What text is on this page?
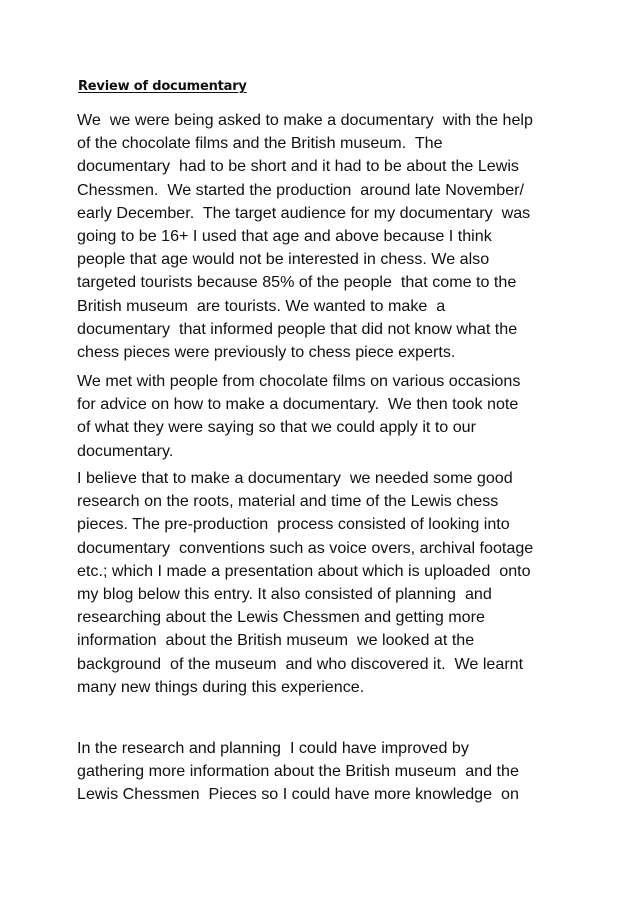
Review of documentary
We  we were being asked to make a documentary  with the help
of the chocolate films and the British museum.  The
documentary  had to be short and it had to be about the Lewis
Chessmen.  We started the production  around late November/
early December.  The target audience for my documentary  was
going to be 16+ I used that age and above because I think
people that age would not be interested in chess. We also
targeted tourists because 85% of the people  that come to the
British museum  are tourists. We wanted to make  a
documentary  that informed people that did not know what the
chess pieces were previously to chess piece experts.
We met with people from chocolate films on various occasions
for advice on how to make a documentary.  We then took note
of what they were saying so that we could apply it to our
documentary.
I believe that to make a documentary  we needed some good
research on the roots, material and time of the Lewis chess
pieces. The pre-production  process consisted of looking into
documentary  conventions such as voice overs, archival footage
etc.; which I made a presentation about which is uploaded  onto
my blog below this entry. It also consisted of planning  and
researching about the Lewis Chessmen and getting more
information  about the British museum  we looked at the
background  of the museum  and who discovered it.  We learnt
many new things during this experience.
In the research and planning  I could have improved by
gathering more information about the British museum  and the
Lewis Chessmen  Pieces so I could have more knowledge  on
